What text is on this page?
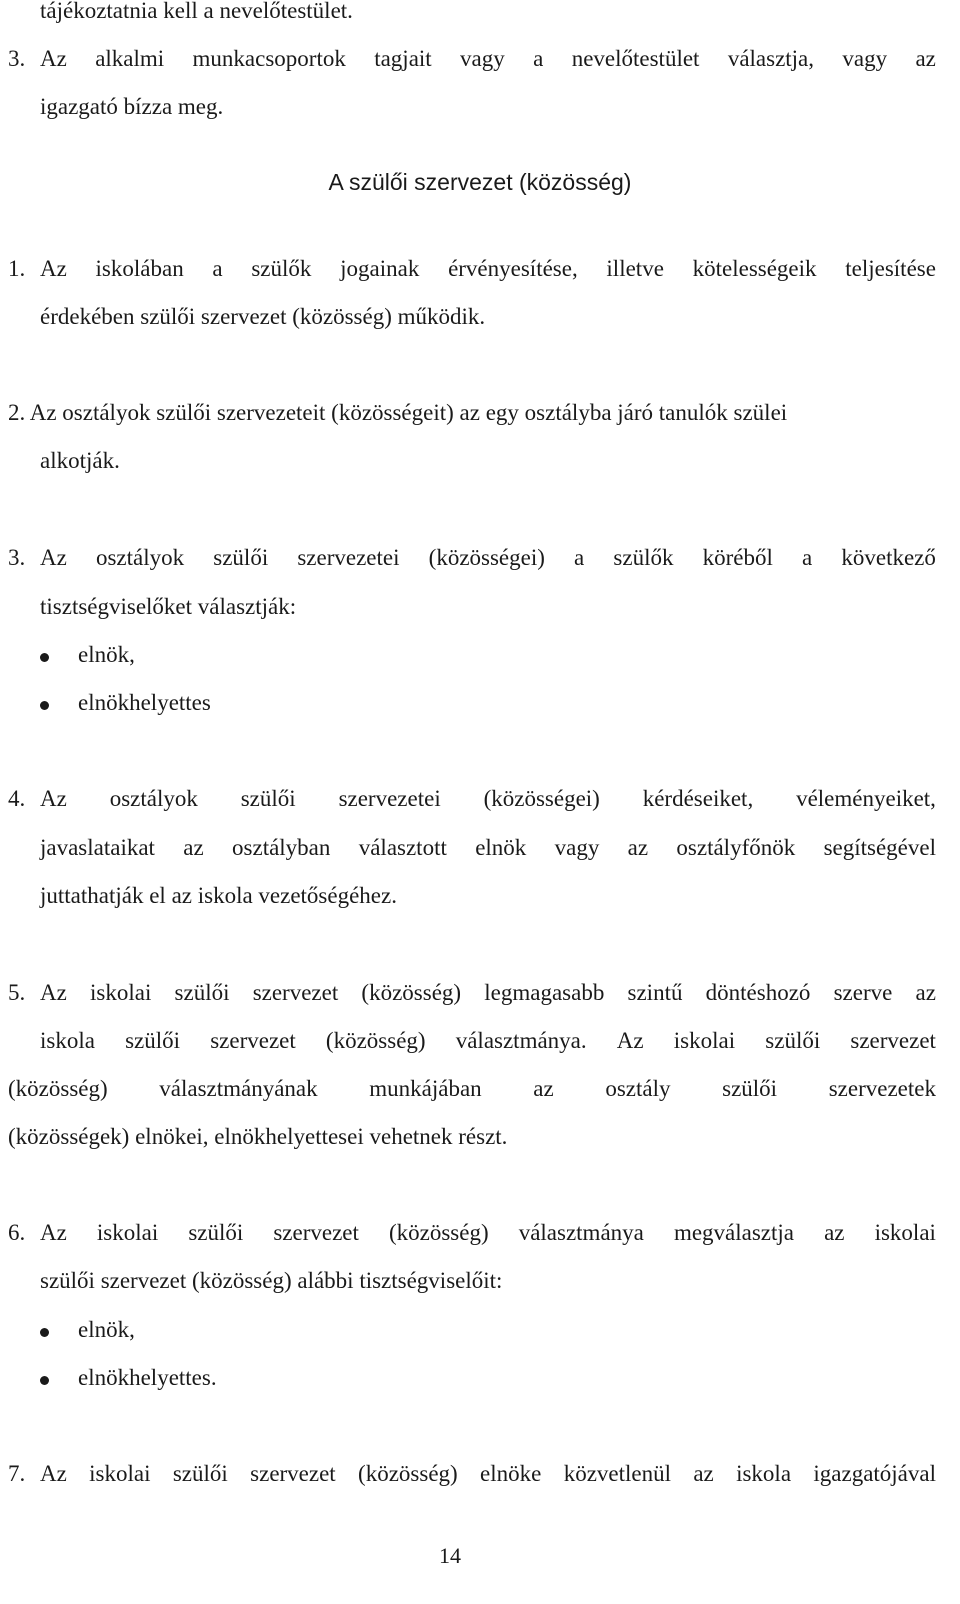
tájékoztatnia kell a nevelőtestület.
3. Az alkalmi munkacsoportok tagjait vagy a nevelőtestület választja, vagy az
igazgató bízza meg.
A szülői szervezet (közösség)
1. Az iskolában a szülők jogainak érvényesítése, illetve kötelességeik teljesítése
érdekében szülői szervezet (közösség) működik.
2. Az osztályok szülői szervezeteit (közösségeit) az egy osztályba járó tanulók szülei
alkotják.
3. Az osztályok szülői szervezetei (közösségei) a szülők köréből a következő
tisztségviselőket választják:
elnök,
elnökhelyettes
4. Az osztályok szülői szervezetei (közösségei) kérdéseiket, véleményeiket,
javaslataikat az osztályban választott elnök vagy az osztályfőnök segítségével
juttathatják el az iskola vezetőségéhez.
5. Az iskolai szülői szervezet (közösség) legmagasabb szintű döntéshozó szerve az
iskola szülői szervezet (közösség) választmánya. Az iskolai szülői szervezet
(közösség) választmányának munkájában az osztály szülői szervezetek
(közösségek) elnökei, elnökhelyettesei vehetnek részt.
6. Az iskolai szülői szervezet (közösség) választmánya megválasztja az iskolai
szülői szervezet (közösség) alábbi tisztségviselőit:
elnök,
elnökhelyettes.
7. Az iskolai szülői szervezet (közösség) elnöke közvetlenül az iskola igazgatójával
14
